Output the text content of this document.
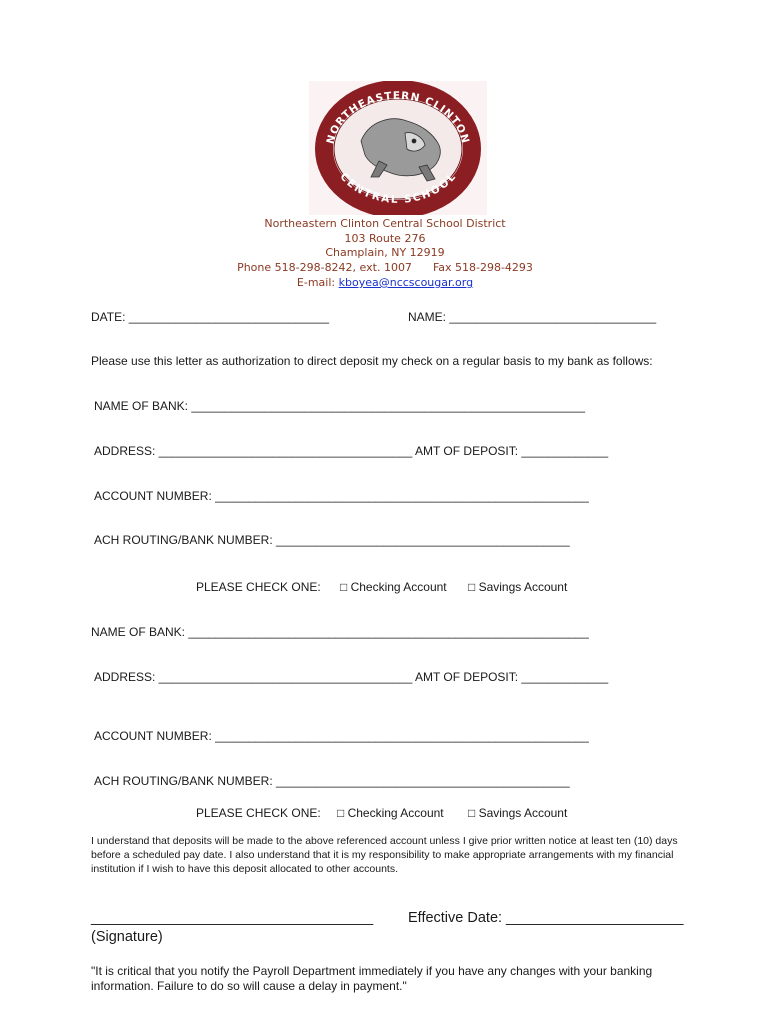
NORTHEASTERN CLINTON
CENTRAL SCHOOL
Northeastern Clinton Central School District
103 Route 276
Champlain, NY 12919
Phone 518-298-8242, ext. 1007 Fax 518-298-4293
E-mail: kboyea@nccscougar.org
DATE: ______________________________	NAME: _______________________________
Please use this letter as authorization to direct deposit my check on a regular basis to my bank as follows:
NAME OF BANK: ___________________________________________________________
ADDRESS: ______________________________________ AMT OF DEPOSIT: _____________
ACCOUNT NUMBER: ________________________________________________________
ACH ROUTING/BANK NUMBER: ____________________________________________
PLEASE CHECK ONE: □ Checking Account □ Savings Account
NAME OF BANK: ____________________________________________________________
ADDRESS: ______________________________________ AMT OF DEPOSIT: _____________
ACCOUNT NUMBER: ________________________________________________________
ACH ROUTING/BANK NUMBER: ____________________________________________
PLEASE CHECK ONE: □ Checking Account □ Savings Account
I understand that deposits will be made to the above referenced account unless I give prior written notice at least ten (10) days before a scheduled pay date. I also understand that it is my responsibility to make appropriate arrangements with my financial institution if I wish to have this deposit allocated to other accounts.
___________________________________ Effective Date: ______________________
(Signature)
"It is critical that you notify the Payroll Department immediately if you have any changes with your banking information. Failure to do so will cause a delay in payment."
